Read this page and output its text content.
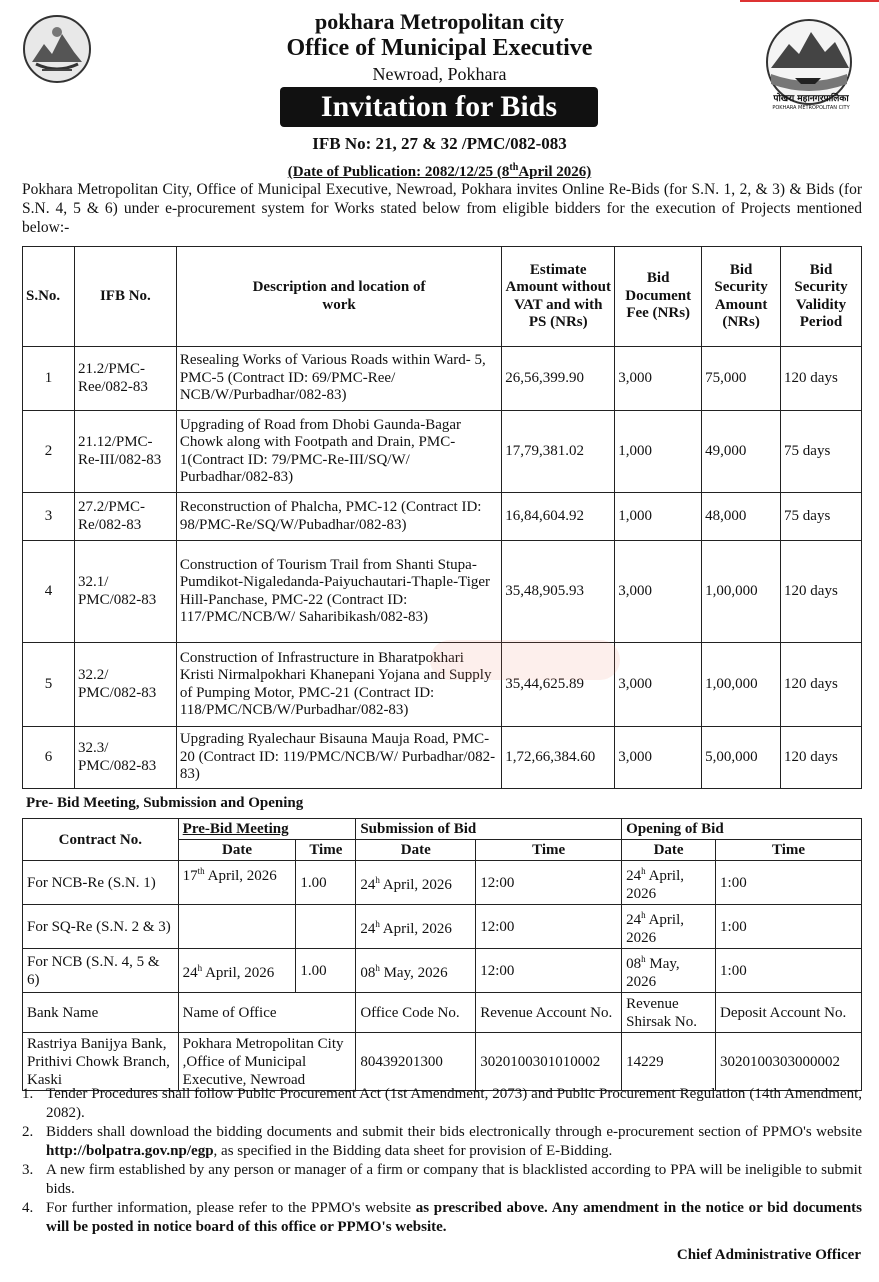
पोखरा महानगरपालिका
POKHARA METROPOLITAN CITY
pokhara Metropolitan city
Office of Municipal Executive
Newroad, Pokhara
Invitation for Bids
IFB No: 21, 27 & 32 /PMC/082-083
(Date of Publication: 2082/12/25 (8thApril 2026)
Pokhara Metropolitan City, Office of Municipal Executive, Newroad, Pokhara invites Online Re-Bids (for S.N. 1, 2, & 3) & Bids (for S.N. 4, 5 & 6) under e-procurement system for Works stated below from eligible bidders for the execution of Projects mentioned below:-
S.No.	IFB No.	Description and location of work	Estimate Amount without VAT and with PS (NRs)	Bid Document Fee (NRs)	Bid Security Amount (NRs)	Bid Security Validity Period
1	21.2/PMC-Ree/082-83	Resealing Works of Various Roads within Ward- 5, PMC-5 (Contract ID: 69/PMC-Ree/ NCB/W/Purbadhar/082-83)	26,56,399.90	3,000	75,000	120 days
2	21.12/PMC-Re-III/082-83	Upgrading of Road from Dhobi Gaunda-Bagar Chowk along with Footpath and Drain, PMC-1(Contract ID: 79/PMC-Re-III/SQ/W/ Purbadhar/082-83)	17,79,381.02	1,000	49,000	75 days
3	27.2/PMC-Re/082-83	Reconstruction of Phalcha, PMC-12 (Contract ID: 98/PMC-Re/SQ/W/Pubadhar/082-83)	16,84,604.92	1,000	48,000	75 days
4	32.1/ PMC/082-83	Construction of Tourism Trail from Shanti Stupa-Pumdikot-Nigaledanda-Paiyuchautari-Thaple-Tiger Hill-Panchase, PMC-22 (Contract ID: 117/PMC/NCB/W/ Saharibikash/082-83)	35,48,905.93	3,000	1,00,000	120 days
5	32.2/ PMC/082-83	Construction of Infrastructure in Bharatpokhari Kristi Nirmalpokhari Khanepani Yojana and Supply of Pumping Motor, PMC-21 (Contract ID: 118/PMC/NCB/W/Purbadhar/082-83)	35,44,625.89	3,000	1,00,000	120 days
6	32.3/ PMC/082-83	Upgrading Ryalechaur Bisauna Mauja Road, PMC-20 (Contract ID: 119/PMC/NCB/W/ Purbadhar/082-83)	1,72,66,384.60	3,000	5,00,000	120 days
Pre- Bid Meeting, Submission and Opening
Contract No.	Pre-Bid Meeting		Submission of Bid		Opening of Bid	
	Date	Time	Date	Time	Date	Time
For NCB-Re (S.N. 1)	17th April, 2026	1.00	24$^h$ April, 2026	12:00	24$^h$ April, 2026	1:00
For SQ-Re (S.N. 2 & 3)			24$^h$ April, 2026	12:00	24$^h$ April, 2026	1:00
For NCB (S.N. 4, 5 & 6)	24$^h$ April, 2026	1.00	08$^h$ May, 2026	12:00	08$^h$ May, 2026	1:00
Bank Name	Name of Office		Office Code No.	Revenue Account No.	Revenue Shirsak No.	Deposit Account No.
Rastriya Banijya Bank, Prithivi Chowk Branch, Kaski	Pokhara Metropolitan City ,Office of Municipal Executive, Newroad		80439201300	3020100301010002	14229	3020100303000002
1. Tender Procedures shall follow Public Procurement Act (1st Amendment, 2073) and Public Procurement Regulation (14th Amendment, 2082).
2. Bidders shall download the bidding documents and submit their bids electronically through e-procurement section of PPMO's website http://bolpatra.gov.np/egp, as specified in the Bidding data sheet for provision of E-Bidding.
3. A new firm established by any person or manager of a firm or company that is blacklisted according to PPA will be ineligible to submit bids.
4. For further information, please refer to the PPMO's website as prescribed above. Any amendment in the notice or bid documents will be posted in notice board of this office or PPMO's website.
Chief Administrative Officer
